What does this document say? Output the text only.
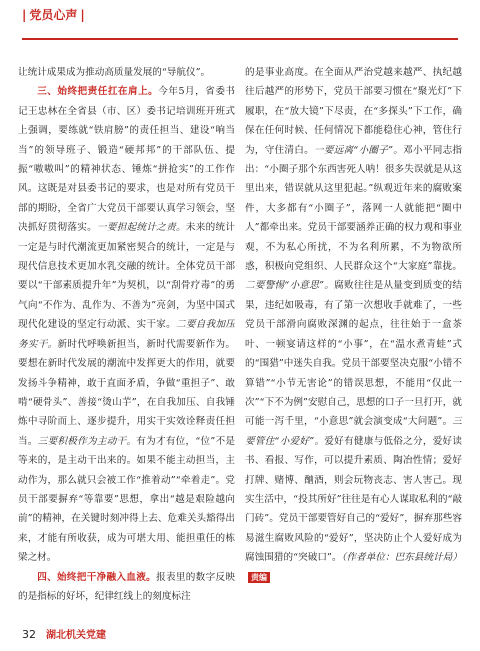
| 党员心声 |

让统计成果成为推动高质量发展的“导航仪”。

三、始终把责任扛在肩上。今年5月，省委书记王忠林在全省县（市、区）委书记培训班开班式上强调，要练就“铁肩膀”的责任担当、建设“响当当”的领导班子、锻造“硬邦邦”的干部队伍、提振“嗷嗷叫”的精神状态、锤炼“拼抢实”的工作作风。这既是对县委书记的要求，也是对所有党员干部的期盼，全省广大党员干部要认真学习领会，坚决抓好贯彻落实。一要担起统计之责。未来的统计一定是与时代潮流更加紧密契合的统计，一定是与现代信息技术更加水乳交融的统计。全体党员干部要以“干部素质提升年”为契机，以“刮骨疗毒”的勇气向“不作为、乱作为、不善为”亮剑，为坚中国式现代化建设的坚定行动派、实干家。二要自我加压务实干。新时代呼唤新担当，新时代需要新作为。要想在新时代发展的潮流中发挥更大的作用，就要发扬斗争精神，敢于直面矛盾，争做“重担子”、敢啃“硬骨头”、善接“烫山芋”，在自我加压、自我锤炼中寻阶而上、逐步提升，用实干实效诠释责任担当。三要积极作为主动干。有为才有位，“位”不是等来的，是主动干出来的。如果不能主动担当，主动作为，那么就只会被工作“推着动”“牵着走”。党员干部要摒弃“等靠要”思想，拿出“越是艰险越向前”的精神，在关键时刻冲得上去、危难关头豁得出来，才能有所收获，成为可堪大用、能担重任的栋梁之材。

四、始终把干净融入血液。报表里的数字反映的是指标的好坏，纪律红线上的刻度标注

的是事业高度。在全面从严治党越来越严、执纪越往后越严的形势下，党员干部要习惯在“聚光灯”下履职，在“放大镜”下尽责，在“多探头”下工作，确保在任何时候、任何情况下都能稳住心神，管住行为，守住清白。一要远离“小圈子”。邓小平同志指出：“小圈子那个东西害死人呐！很多失误就是从这里出来，错误就从这里犯起。”纵观近年来的腐败案件，大多都有“小圈子”，落网一人就能把“圈中人”都牵出来。党员干部要涵养正确的权力观和事业观，不为私心所扰，不为名利所累，不为物欲所惑，积极向党组织、人民群众这个“大家庭”靠拢。二要警惕“小意思”。腐败往往是从量变到质变的结果，违纪如吸毒，有了第一次想收手就难了，一些党员干部滑向腐败深渊的起点，往往始于一盒茶叶、一顿宴请这样的“小事”，在“温水煮青蛙”式的“围猎”中迷失自我。党员干部要坚决克服“小错不算错”“小节无害论”的错误思想，不能用“仅此一次”“下不为例”安慰自己，思想的口子一旦打开，就可能一泻千里，“小意思”就会演变成“大问题”。三要管住“小爱好”。爱好有健康与低俗之分，爱好读书、看报、写作，可以提升素质、陶冶性情；爱好打牌、赌博、酗酒，则会玩物丧志、害人害己。现实生活中，“投其所好”往往是有心人谋取私利的“敲门砖”。党员干部要管好自己的“爱好”，摒弃那些容易滋生腐败风险的“爱好”，坚决防止个人爱好成为腐蚀围猎的“突破口”。（作者单位：巴东县统计局）责编

32 湖北机关党建
